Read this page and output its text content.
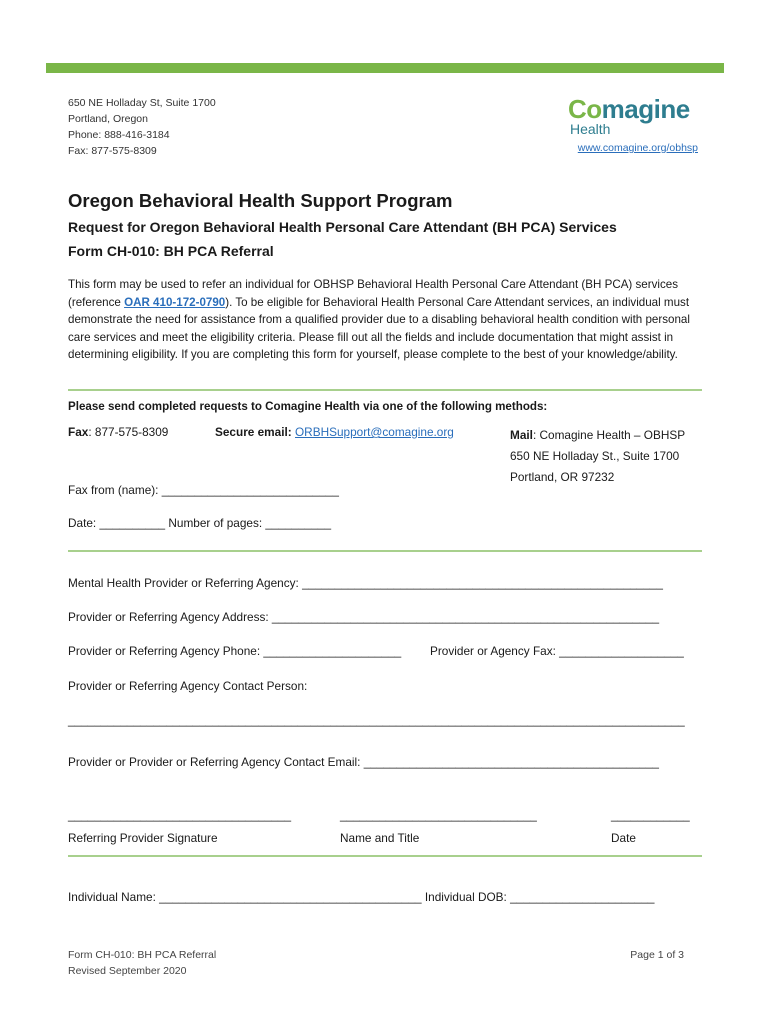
650 NE Holladay St, Suite 1700
Portland, Oregon
Phone: 888-416-3184
Fax: 877-575-8309
Comagine
Health
www.comagine.org/obhsp
Oregon Behavioral Health Support Program
Request for Oregon Behavioral Health Personal Care Attendant (BH PCA) Services
Form CH-010: BH PCA Referral
This form may be used to refer an individual for OBHSP Behavioral Health Personal Care Attendant (BH PCA) services (reference OAR 410-172-0790). To be eligible for Behavioral Health Personal Care Attendant services, an individual must demonstrate the need for assistance from a qualified provider due to a disabling behavioral health condition with personal care services and meet the eligibility criteria. Please fill out all the fields and include documentation that might assist in determining eligibility. If you are completing this form for yourself, please complete to the best of your knowledge/ability.
Please send completed requests to Comagine Health via one of the following methods:
Fax: 877-575-8309	Secure email: ORBHSupport@comagine.org	Mail: Comagine Health – OBHSP
650 NE Holladay St., Suite 1700
Portland, OR 97232
Fax from (name): ___________________________
Date: __________ Number of pages: __________
Mental Health Provider or Referring Agency: _______________________________________________________
Provider or Referring Agency Address: ___________________________________________________________
Provider or Referring Agency Phone: _____________________ Provider or Agency Fax: ___________________
Provider or Referring Agency Contact Person:
______________________________________________________________________________________________
Provider or Provider or Referring Agency Contact Email: _____________________________________________
__________________________________	______________________________	____________
Referring Provider Signature	Name and Title	Date
Individual Name: ________________________________________ Individual DOB: ______________________
Form CH-010: BH PCA Referral
Revised September 2020
Page 1 of 3
